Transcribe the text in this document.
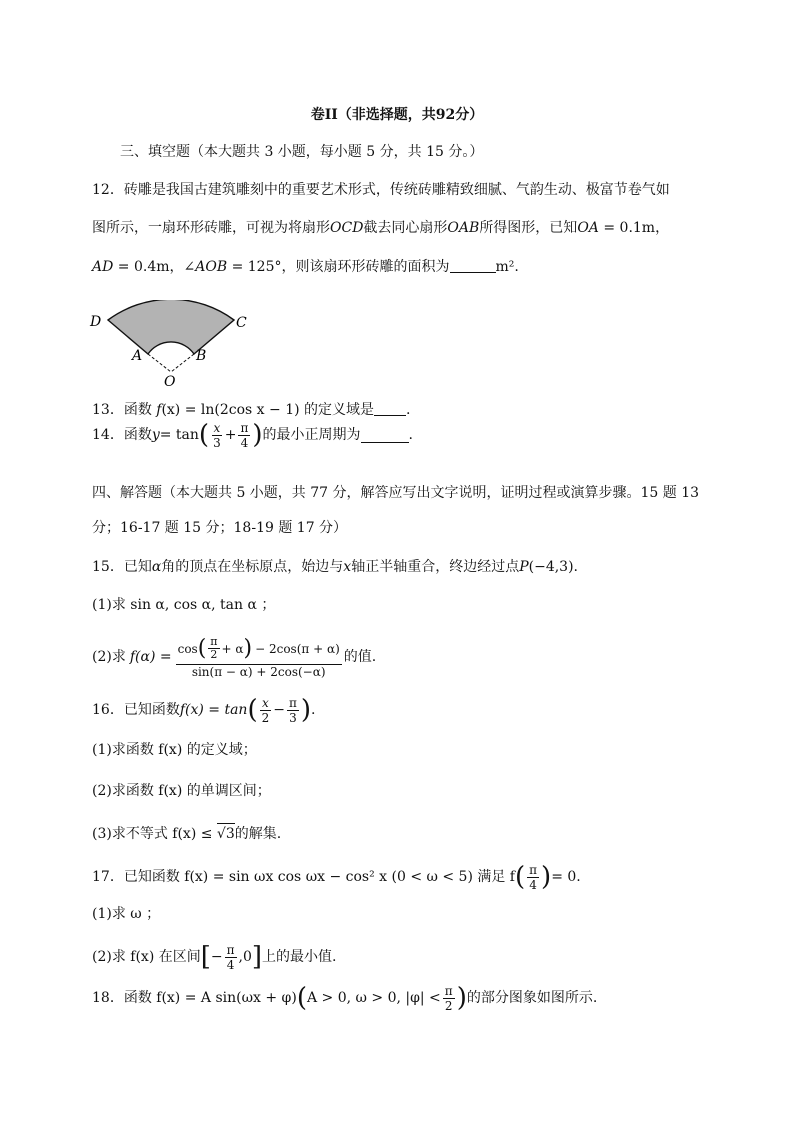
卷II（非选择题，共92分）
三、填空题（本大题共 3 小题，每小题 5 分，共 15 分。）
12．砖雕是我国古建筑雕刻中的重要艺术形式，传统砖雕精致细腻、气韵生动、极富节卷气如
图所示，一扇环形砖雕，可视为将扇形OCD截去同心扇形OAB所得图形，已知OA = 0.1m，
AD = 0.4m，∠AOB = 125°，则该扇环形砖雕的面积为	m².
D	C
A	B
O
13．函数 f(x) = ln(2cos x − 1) 的定义域是 .
14．函数 y = tan ( $\frac{x}{3} + \frac{\pi}{4}$ ) 的最小正周期为	.
四、解答题（本大题共 5 小题，共 77 分，解答应写出文字说明，证明过程或演算步骤。15 题 13
分；16-17 题 15 分；18-19 题 17 分）
15．已知α角的顶点在坐标原点，始边与x轴正半轴重合，终边经过点P(−4,3).
(1)求 sin α, cos α, tan α ；
(2)求 f(α) =
cos ( $\frac{\pi}{2} + \alpha$ ) − 2cos(π + α)
sin(π − α) + 2cos(−α)
的值.
16．已知函数 f(x) = tan ( $\frac{x}{2} - \frac{\pi}{3}$ ) .
(1)求函数 f(x) 的定义域；
(2)求函数 f(x) 的单调区间；
(3)求不等式 f(x) ≤ √3的解集.
17．已知函数 f(x) = sin ωx cos ωx − cos² x (0 < ω < 5) 满足 f ( $\frac{\pi}{4}$ ) = 0.
(1)求 ω ；
(2)求 f(x) 在区间 [ − $\frac{\pi}{4} ,0$ ] 上的最小值.
18．函数 f(x) = A sin(ωx + φ) ( A > 0, ω > 0, $|\varphi| < \frac{\pi}{2}$ ) 的部分图象如图所示.
